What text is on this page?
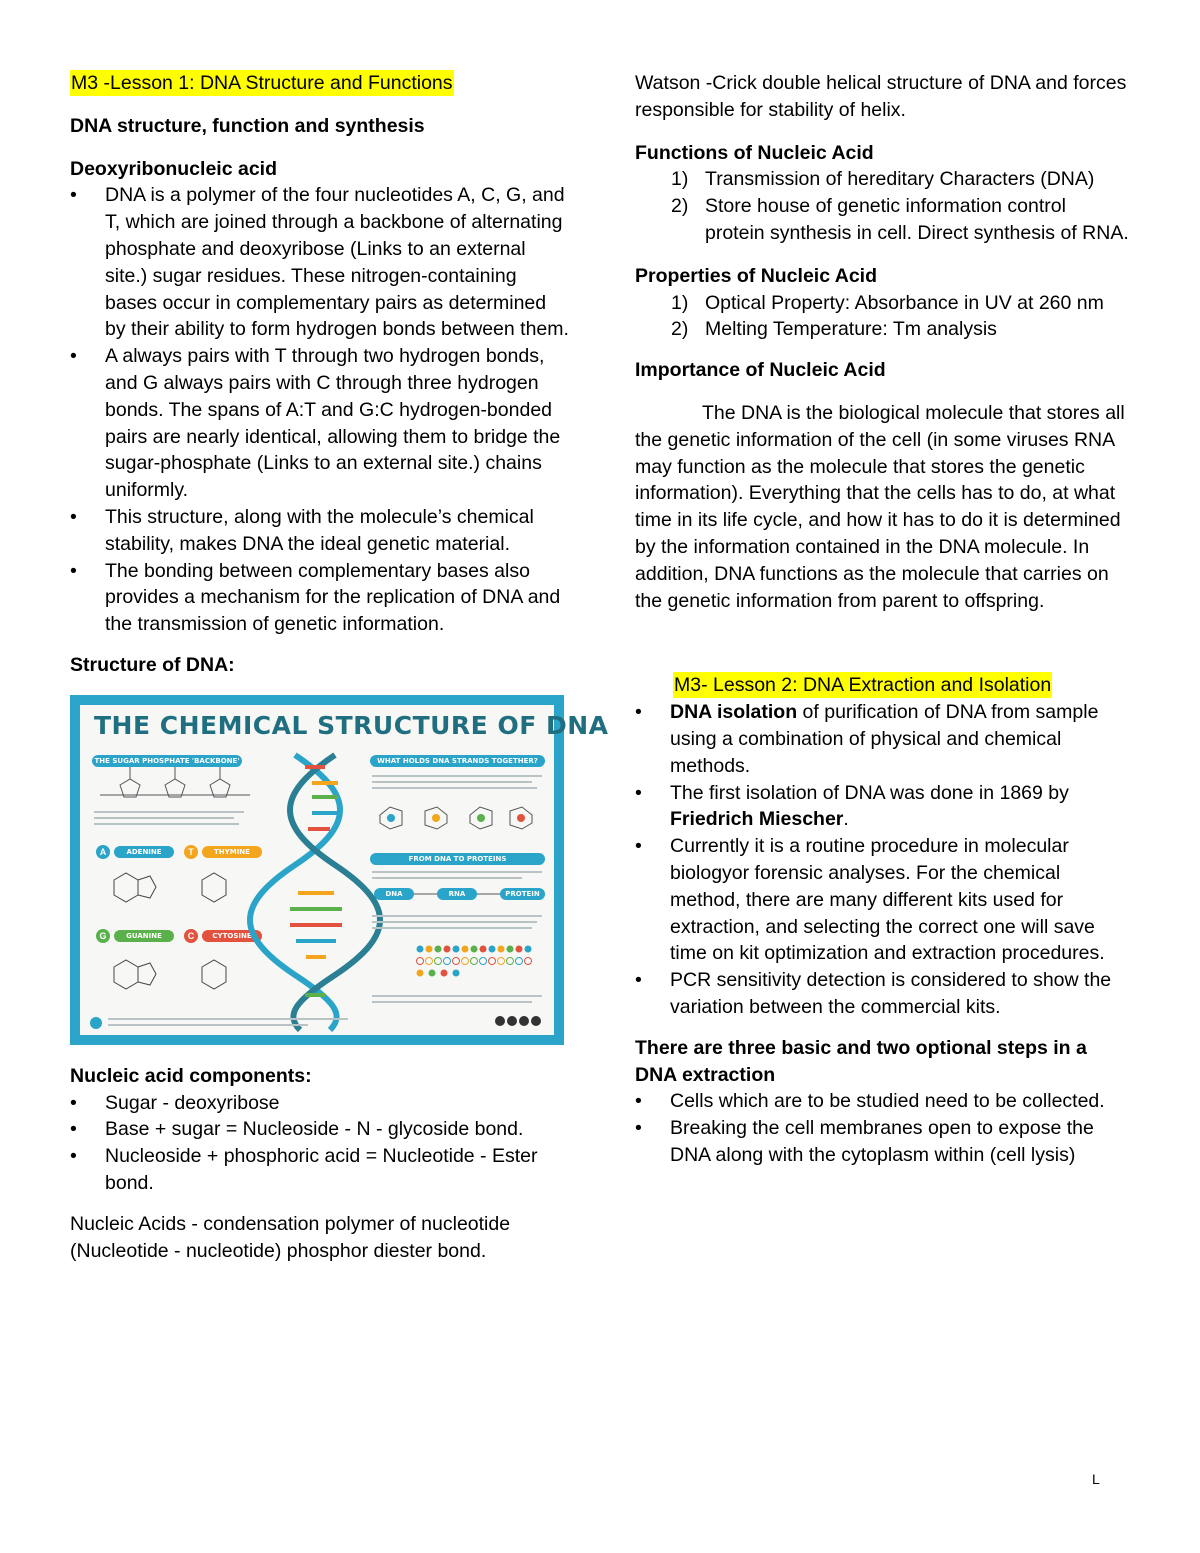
M3 -Lesson 1: DNA Structure and Functions

DNA structure, function and synthesis
Deoxyribonucleic acid
• DNA is a polymer of the four nucleotides A, C, G, and T, which are joined through a backbone of alternating phosphate and deoxyribose (Links to an external site.) sugar residues. These nitrogen-containing bases occur in complementary pairs as determined by their ability to form hydrogen bonds between them.
• A always pairs with T through two hydrogen bonds, and G always pairs with C through three hydrogen bonds. The spans of A:T and G:C hydrogen-bonded pairs are nearly identical, allowing them to bridge the sugar-phosphate (Links to an external site.) chains uniformly.
• This structure, along with the molecule’s chemical stability, makes DNA the ideal genetic material.
• The bonding between complementary bases also provides a mechanism for the replication of DNA and the transmission of genetic information.
Structure of DNA:
THE CHEMICAL STRUCTURE OF DNA
THE SUGAR PHOSPHATE 'BACKBONE'	WHAT HOLDS DNA STRANDS TOGETHER?
FROM DNA TO PROTEINS
A	ADENINE	T	THYMINE
G	GUANINE	C	CYTOSINE
DNA	RNA	PROTEIN
Nucleic acid components:
• Sugar - deoxyribose
• Base + sugar = Nucleoside - N - glycoside bond.
• Nucleoside + phosphoric acid = Nucleotide - Ester bond.

Nucleic Acids - condensation polymer of nucleotide (Nucleotide - nucleotide) phosphor diester bond.

Watson -Crick double helical structure of DNA and forces responsible for stability of helix.

Functions of Nucleic Acid
1) Transmission of hereditary Characters (DNA)
2) Store house of genetic information control protein synthesis in cell. Direct synthesis of RNA.
Properties of Nucleic Acid
1) Optical Property: Absorbance in UV at 260 nm
2) Melting Temperature: Tm analysis
Importance of Nucleic Acid

The DNA is the biological molecule that stores all the genetic information of the cell (in some viruses RNA may function as the molecule that stores the genetic information). Everything that the cells has to do, at what time in its life cycle, and how it has to do it is determined by the information contained in the DNA molecule. In addition, DNA functions as the molecule that carries on the genetic information from parent to offspring.

M3- Lesson 2: DNA Extraction and Isolation

• DNA isolation of purification of DNA from sample using a combination of physical and chemical methods.
• The first isolation of DNA was done in 1869 by Friedrich Miescher.
• Currently it is a routine procedure in molecular biologyor forensic analyses. For the chemical method, there are many different kits used for extraction, and selecting the correct one will save time on kit optimization and extraction procedures.
• PCR sensitivity detection is considered to show the variation between the commercial kits.
There are three basic and two optional steps in a DNA extraction
• Cells which are to be studied need to be collected.
• Breaking the cell membranes open to expose the DNA along with the cytoplasm within (cell lysis)
L
